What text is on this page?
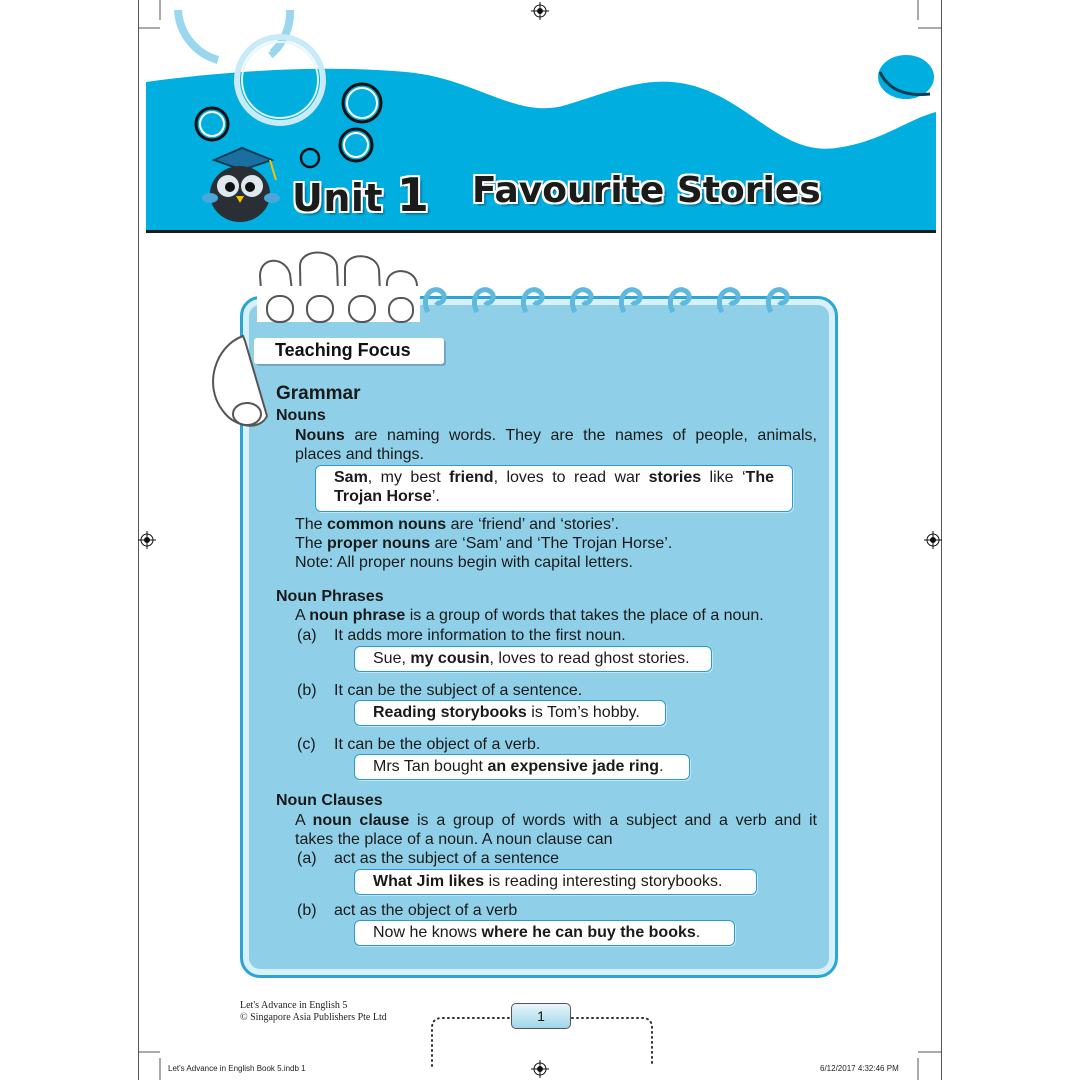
Unit 1 Favourite Stories
Teaching Focus
Grammar
Nouns
Nouns are naming words. They are the names of people, animals,
places and things.
Sam, my best friend, loves to read war stories like ‘The
Trojan Horse’.
The common nouns are ‘friend’ and ‘stories’.
The proper nouns are ‘Sam’ and ‘The Trojan Horse’.
Note: All proper nouns begin with capital letters.
Noun Phrases
A noun phrase is a group of words that takes the place of a noun.
(a) It adds more information to the first noun.
Sue, my cousin, loves to read ghost stories.
(b) It can be the subject of a sentence.
Reading storybooks is Tom’s hobby.
(c) It can be the object of a verb.
Mrs Tan bought an expensive jade ring.
Noun Clauses
A noun clause is a group of words with a subject and a verb and it
takes the place of a noun. A noun clause can
(a) act as the subject of a sentence
What Jim likes is reading interesting storybooks.
(b) act as the object of a verb
Now he knows where he can buy the books.
Let's Advance in English 5
© Singapore Asia Publishers Pte Ltd	1
Let's Advance in English Book 5.indb 1	6/12/2017 4:32:46 PM
